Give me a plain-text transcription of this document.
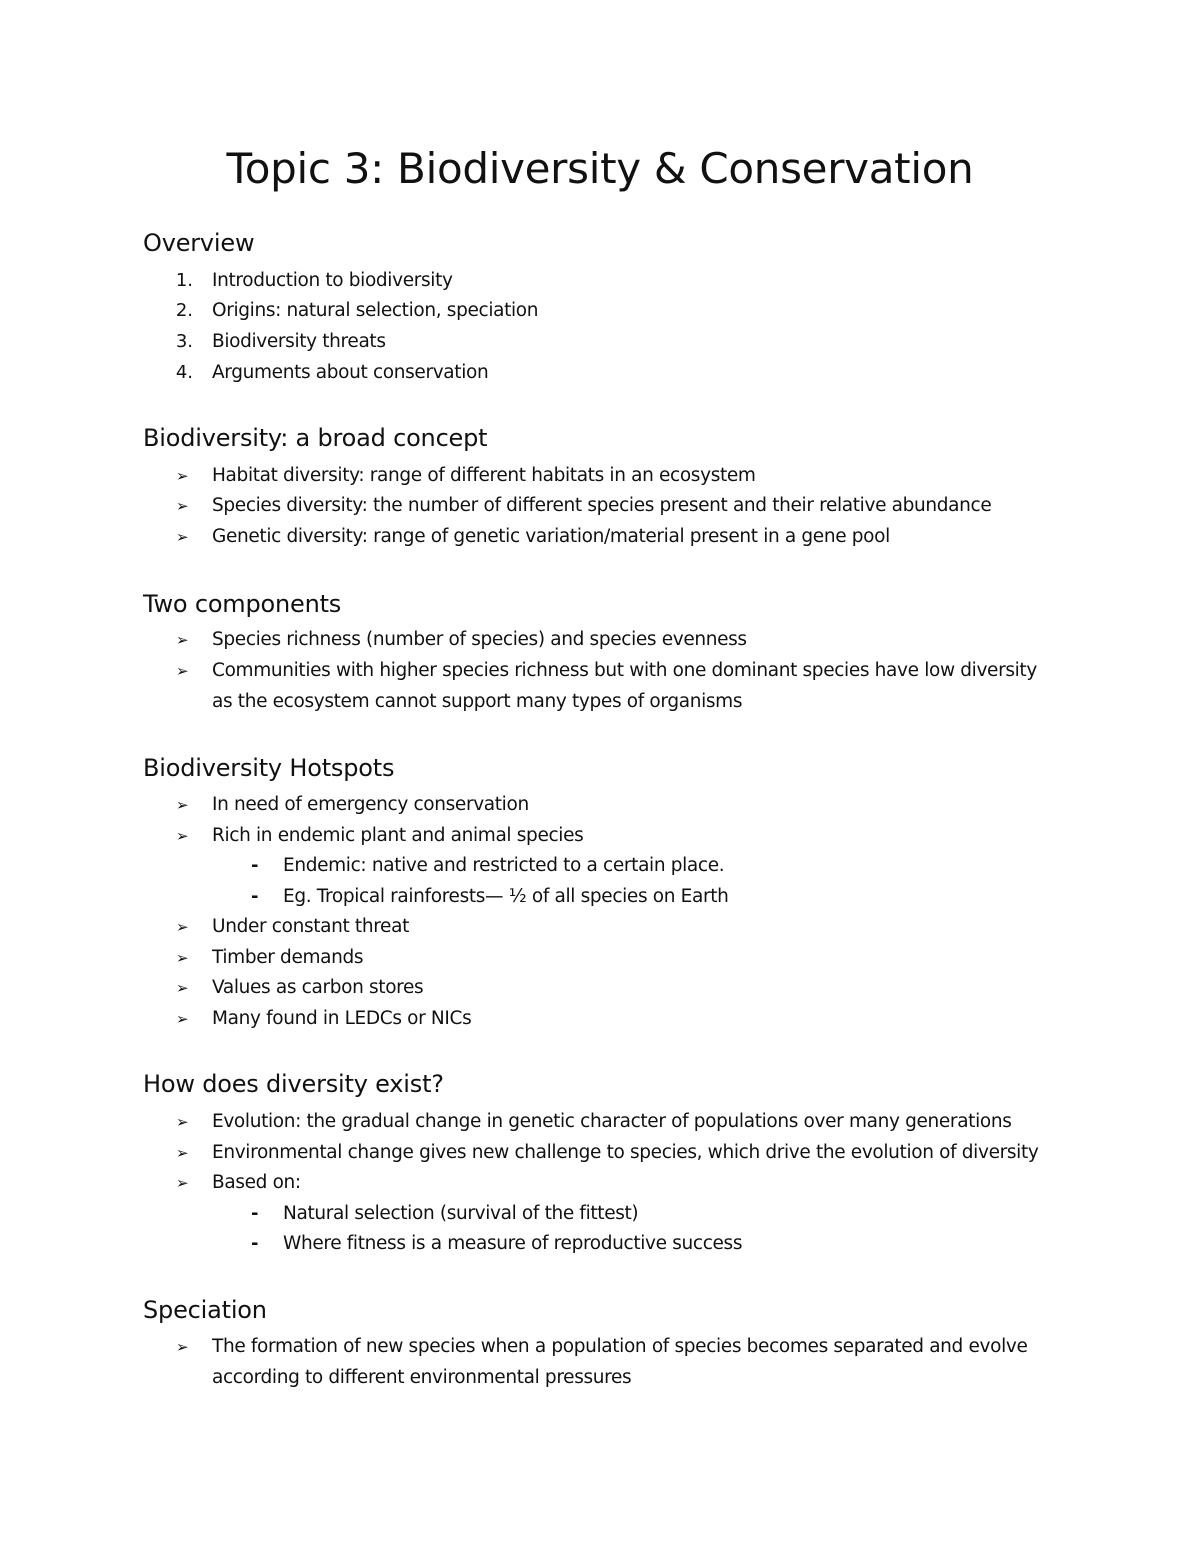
Topic 3: Biodiversity & Conservation
Overview
1. Introduction to biodiversity
2. Origins: natural selection, speciation
3. Biodiversity threats
4. Arguments about conservation
Biodiversity: a broad concept
➢	Habitat diversity: range of different habitats in an ecosystem
➢	Species diversity: the number of different species present and their relative abundance
➢	Genetic diversity: range of genetic variation/material present in a gene pool
Two components
➢	Species richness (number of species) and species evenness
➢	Communities with higher species richness but with one dominant species have low diversity
as the ecosystem cannot support many types of organisms
Biodiversity Hotspots
➢	In need of emergency conservation
➢	Rich in endemic plant and animal species
-	Endemic: native and restricted to a certain place.
-	Eg. Tropical rainforests— ½ of all species on Earth
➢	Under constant threat
➢	Timber demands
➢	Values as carbon stores
➢	Many found in LEDCs or NICs
How does diversity exist?
➢	Evolution: the gradual change in genetic character of populations over many generations
➢	Environmental change gives new challenge to species, which drive the evolution of diversity
➢	Based on:
-	Natural selection (survival of the fittest)
-	Where fitness is a measure of reproductive success
Speciation
➢	The formation of new species when a population of species becomes separated and evolve
according to different environmental pressures
